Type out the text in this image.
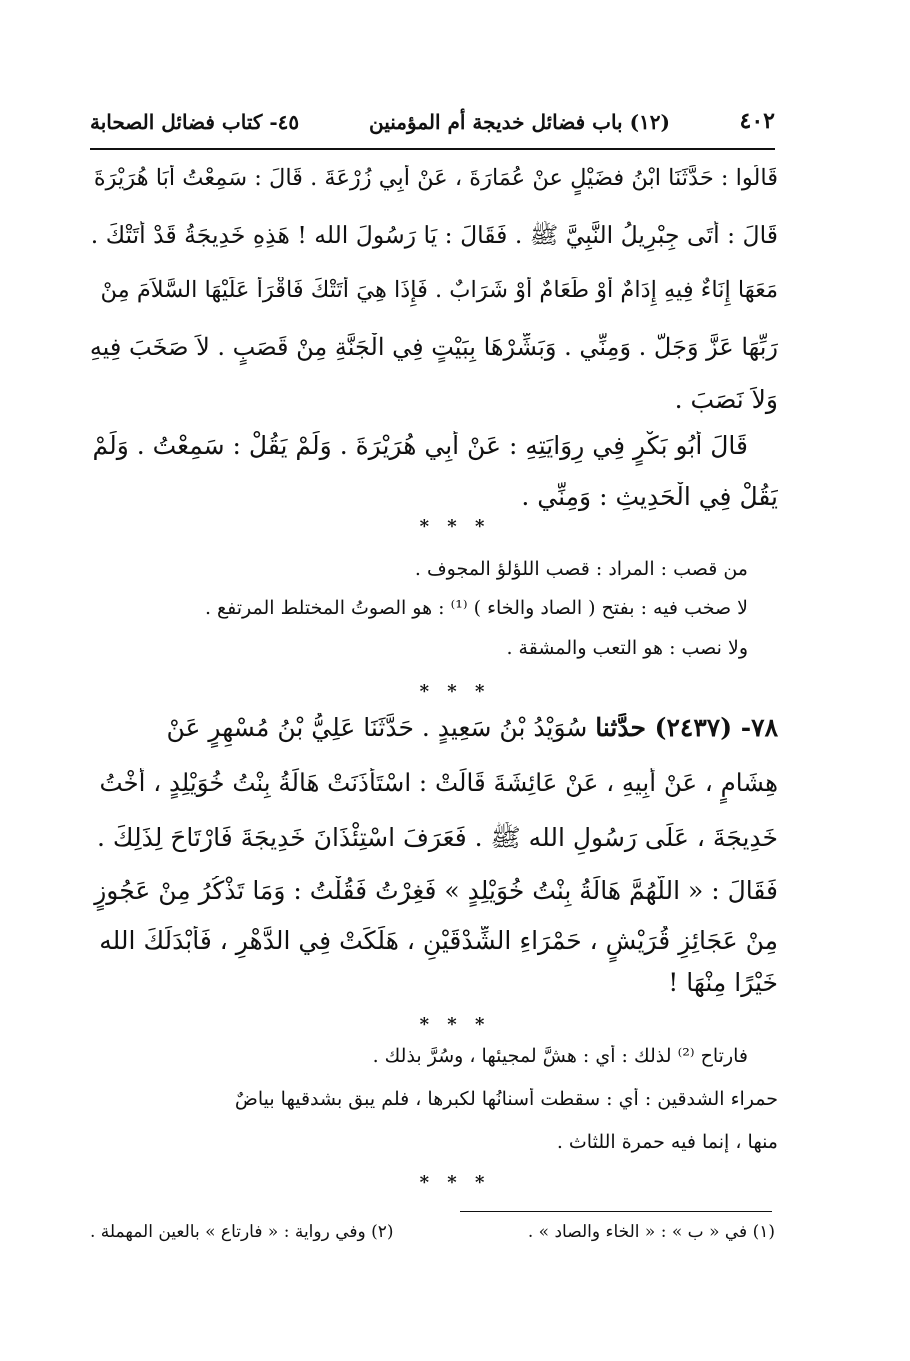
٤٠٢
(١٢) باب فضائل خديجة أم المؤمنين
٤٥- كتاب فضائل الصحابة
قَالُوا : حَدَّثَنَا ابْنُ فضَيْلٍ عنْ عُمَارَةَ ، عَنْ أَبِي زُرْعَةَ . قَالَ : سَمِعْتُ أَبَا هُرَيْرَةَ
قَالَ : أَتَى جِبْرِيلُ النَّبِيَّ ﷺ . فَقَالَ : يَا رَسُولَ الله ! هَذِهِ خَدِيجَةُ قَدْ أَتَتْكَ .
مَعَهَا إِنَاءٌ فِيهِ إِدَامٌ أَوْ طَعَامٌ أَوْ شَرَابٌ . فَإِذَا هِيَ أَتَتْكَ فَاقْرَأْ عَلَيْهَا السَّلاَمَ مِنْ
رَبِّهَا عَزَّ وَجَلَّ . وَمِنِّي . وَبَشِّرْهَا بِبَيْتٍ فِي الْجَنَّةِ مِنْ قَصَبٍ . لاَ صَخَبَ فِيهِ
وَلاَ نَصَبَ .
قَالَ أَبُو بَكْرٍ فِي رِوَايَتِهِ : عَنْ أَبِي هُرَيْرَةَ . وَلَمْ يَقُلْ : سَمِعْتُ . وَلَمْ
يَقُلْ فِي الْحَدِيثِ : وَمِنِّي .
* * *
من قصب : المراد : قصب اللؤلؤ المجوف .
لا صخب فيه : بفتح ( الصاد والخاء ) ⁽¹⁾ : هو الصوتُ المختلط المرتفع .
ولا نصب : هو التعب والمشقة .
* * *
٧٨- (٢٤٣٧) حدَّثنا سُوَيْدُ بْنُ سَعِيدٍ . حَدَّثَنَا عَلِيُّ بْنُ مُسْهِرٍ عَنْ
هِشَامٍ ، عَنْ أَبِيهِ ، عَنْ عَائِشَةَ قَالَتْ : اسْتَأْذَنَتْ هَالَةُ بِنْتُ خُوَيْلِدٍ ، أُخْتُ
خَدِيجَةَ ، عَلَى رَسُولِ الله ﷺ . فَعَرَفَ اسْتِئْذَانَ خَدِيجَةَ فَارْتَاحَ لِذَلِكَ .
فَقَالَ : « اللَّهُمَّ هَالَةُ بِنْتُ خُوَيْلِدٍ » فَغِرْتُ فَقُلْتُ : وَمَا تَذْكُرُ مِنْ عَجُوزٍ
مِنْ عَجَائِزِ قُرَيْشٍ ، حَمْرَاءِ الشِّدْقَيْنِ ، هَلَكَتْ فِي الدَّهْرِ ، فَأَبْدَلَكَ الله
خَيْرًا مِنْهَا !
* * *
فارتاح ⁽²⁾ لذلك : أي : هشَّ لمجيئها ، وسُرَّ بذلك .
حمراء الشدقين : أي : سقطت أسنانُها لكبرها ، فلم يبق بشدقيها بياضٌ
منها ، إنما فيه حمرة اللثاث .
* * *
(١) في « ب » : « الخاء والصاد » .
(٢) وفي رواية : « فارتاع » بالعين المهملة .
